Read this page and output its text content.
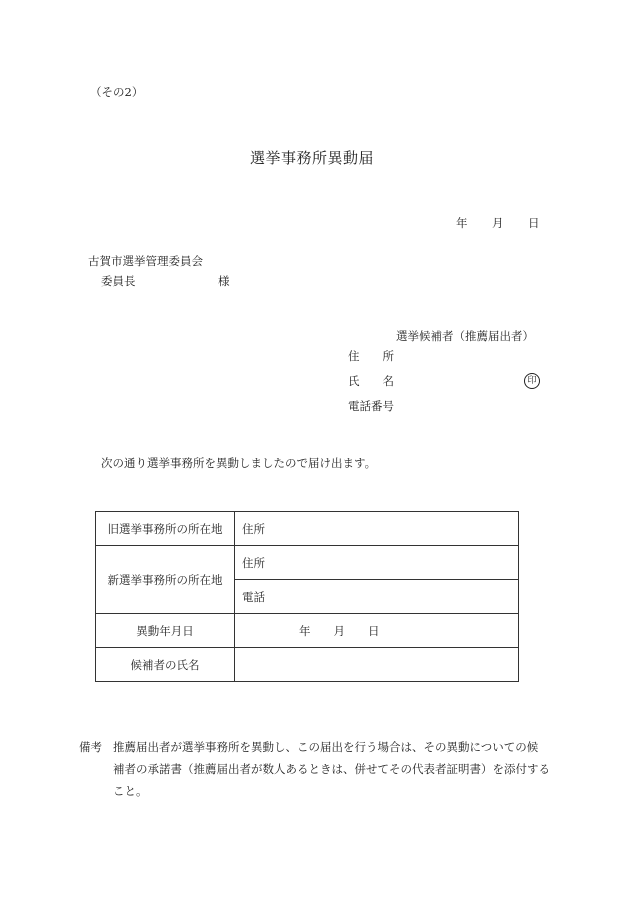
（その2）
選挙事務所異動届
年 月 日
古賀市選挙管理委員会
委員長	様
選挙候補者（推薦届出者）
住　　所
氏　　名	印
電話番号
次の通り選挙事務所を異動しましたので届け出ます。
旧選挙事務所の所在地	住所
新選挙事務所の所在地	住所
	電話
異動年月日	年　　月　　日
候補者の氏名	
備考 推薦届出者が選挙事務所を異動し、この届出を行う場合は、その異動についての候
補者の承諾書（推薦届出者が数人あるときは、併せてその代表者証明書）を添付する
こと。
